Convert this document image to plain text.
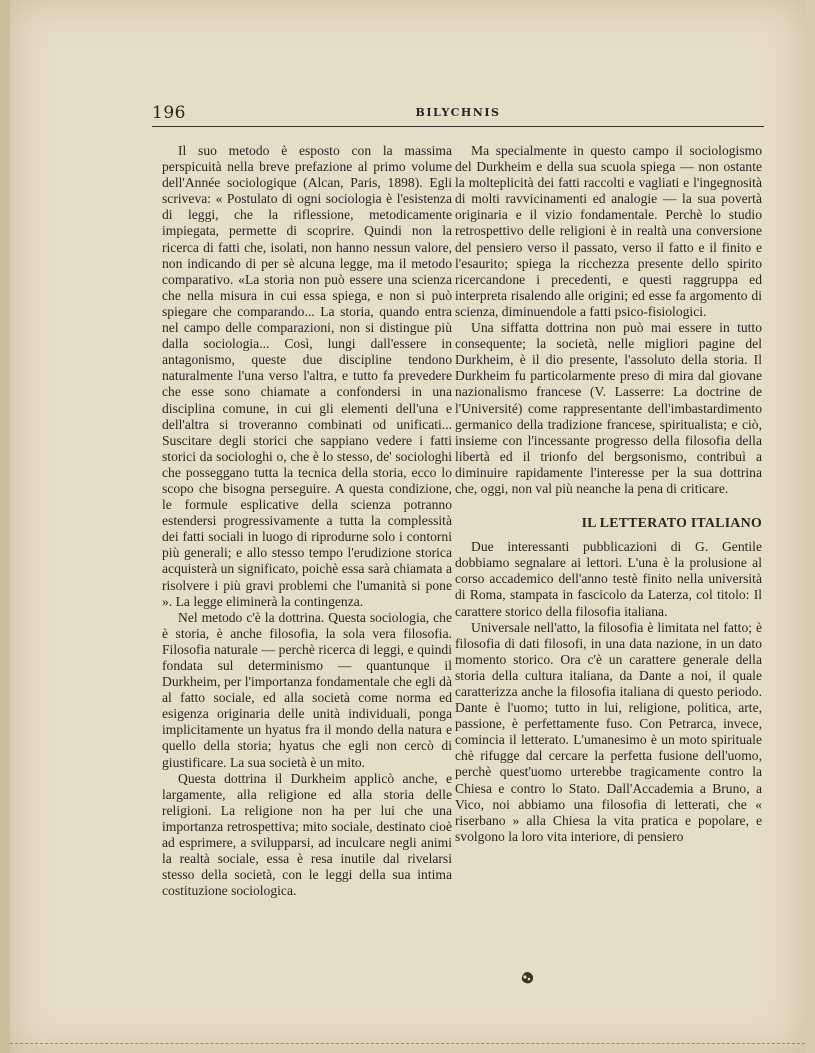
196	BILYCHNIS

Il suo metodo è esposto con la massima perspicuità nella breve prefazione al primo volume dell'Année sociologique (Alcan, Paris, 1898). Egli scriveva: « Postulato di ogni sociologia è l'esistenza di leggi, che la riflessione, metodicamente impiegata, permette di scoprire. Quindi non la ricerca di fatti che, isolati, non hanno nessun valore, non indicando di per sè alcuna legge, ma il metodo comparativo. «La storia non può essere una scienza che nella misura in cui essa spiega, e non si può spiegare che comparando... La storia, quando entra nel campo delle comparazioni, non si distingue più dalla sociologia... Così, lungi dall'essere in antagonismo, queste due discipline tendono naturalmente l'una verso l'altra, e tutto fa prevedere che esse sono chiamate a confondersi in una disciplina comune, in cui gli elementi dell'una e dell'altra si troveranno combinati od unificati... Suscitare degli storici che sappiano vedere i fatti storici da sociologhi o, che è lo stesso, de' sociologhi che posseggano tutta la tecnica della storia, ecco lo scopo che bisogna perseguire. A questa condizione, le formule esplicative della scienza potranno estendersi progressivamente a tutta la complessità dei fatti sociali in luogo di riprodurne solo i contorni più generali; e allo stesso tempo l'erudizione storica acquisterà un significato, poichè essa sarà chiamata a risolvere i più gravi problemi che l'umanità si pone ». La legge eliminerà la contingenza.

Nel metodo c'è la dottrina. Questa sociologia, che è storia, è anche filosofia, la sola vera filosofia. Filosofia naturale — perchè ricerca di leggi, e quindi fondata sul determinismo — quantunque il Durkheim, per l'importanza fondamentale che egli dà al fatto sociale, ed alla società come norma ed esigenza originaria delle unità individuali, ponga implicitamente un hyatus fra il mondo della natura e quello della storia; hyatus che egli non cercò di giustificare. La sua società è un mito.

Questa dottrina il Durkheim applicò anche, e largamente, alla religione ed alla storia delle religioni. La religione non ha per lui che una importanza retrospettiva; mito sociale, destinato cioè ad esprimere, a svilupparsi, ad inculcare negli animi la realtà sociale, essa è resa inutile dal rivelarsi stesso della società, con le leggi della sua intima costituzione sociologica.

Ma specialmente in questo campo il sociologismo del Durkheim e della sua scuola spiega — non ostante la molteplicità dei fatti raccolti e vagliati e l'ingegnosità di molti ravvicinamenti ed analogie — la sua povertà originaria e il vizio fondamentale. Perchè lo studio retrospettivo delle religioni è in realtà una conversione del pensiero verso il passato, verso il fatto e il finito e l'esaurito; spiega la ricchezza presente dello spirito ricercandone i precedenti, e questi raggruppa ed interpreta risalendo alle origini; ed esse fa argomento di scienza, diminuendole a fatti psico-fisiologici.

Una siffatta dottrina non può mai essere in tutto consequente; la società, nelle migliori pagine del Durkheim, è il dio presente, l'assoluto della storia. Il Durkheim fu particolarmente preso di mira dal giovane nazionalismo francese (V. Lasserre: La doctrine de l'Université) come rappresentante dell'imbastardimento germanico della tradizione francese, spiritualista; e ciò, insieme con l'incessante progresso della filosofia della libertà ed il trionfo del bergsonismo, contribuì a diminuire rapidamente l'interesse per la sua dottrina che, oggi, non val più neanche la pena di criticare.

IL LETTERATO ITALIANO

Due interessanti pubblicazioni di G. Gentile dobbiamo segnalare ai lettori. L'una è la prolusione al corso accademico dell'anno testè finito nella università di Roma, stampata in fascicolo da Laterza, col titolo: Il carattere storico della filosofia italiana.

Universale nell'atto, la filosofia è limitata nel fatto; è filosofia di dati filosofi, in una data nazione, in un dato momento storico. Ora c'è un carattere generale della storia della cultura italiana, da Dante a noi, il quale caratterizza anche la filosofia italiana di questo periodo. Dante è l'uomo; tutto in lui, religione, politica, arte, passione, è perfettamente fuso. Con Petrarca, invece, comincia il letterato. L'umanesimo è un moto spirituale chè rifugge dal cercare la perfetta fusione dell'uomo, perchè quest'uomo urterebbe tragicamente contro la Chiesa e contro lo Stato. Dall'Accademia a Bruno, a Vico, noi abbiamo una filosofia di letterati, che « riserbano » alla Chiesa la vita pratica e popolare, e svolgono la loro vita interiore, di pensiero
